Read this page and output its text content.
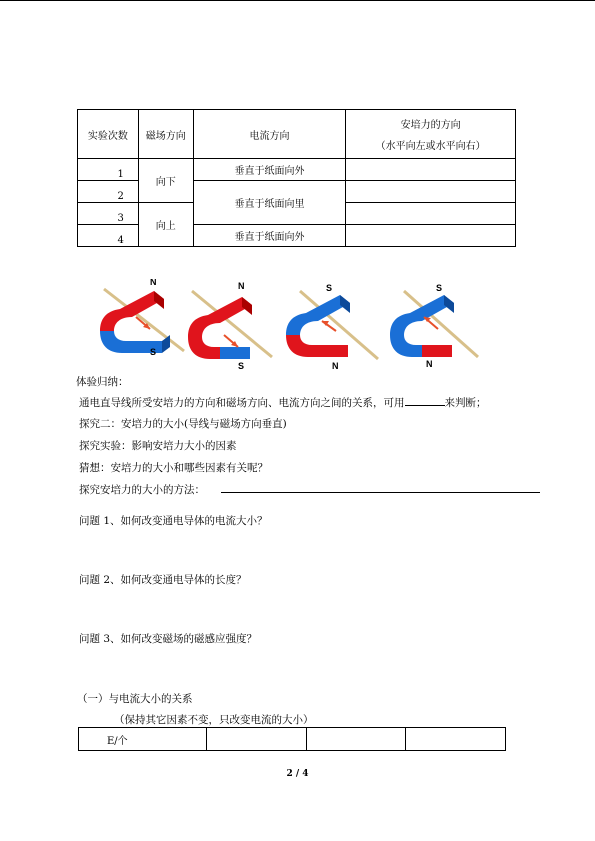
实验次数	磁场方向	电流方向	安培力的方向
（水平向左或水平向右）

1	向下	垂直于纸面向外	

2		垂直于纸面向里	

3	向上		

4		垂直于纸面向外	
N
S
N
S
S
N
S
N
体验归纳：
通电直导线所受安培力的方向和磁场方向、电流方向之间的关系，可用	来判断；
探究二：安培力的大小(导线与磁场方向垂直)
探究实验：影响安培力大小的因素
猜想：安培力的大小和哪些因素有关呢？
探究安培力的大小的方法：
问题 1、如何改变通电导体的电流大小？
问题 2、如何改变通电导体的长度？
问题 3、如何改变磁场的磁感应强度？
（一）与电流大小的关系
（保持其它因素不变，只改变电流的大小）
E/个			
2 / 4
